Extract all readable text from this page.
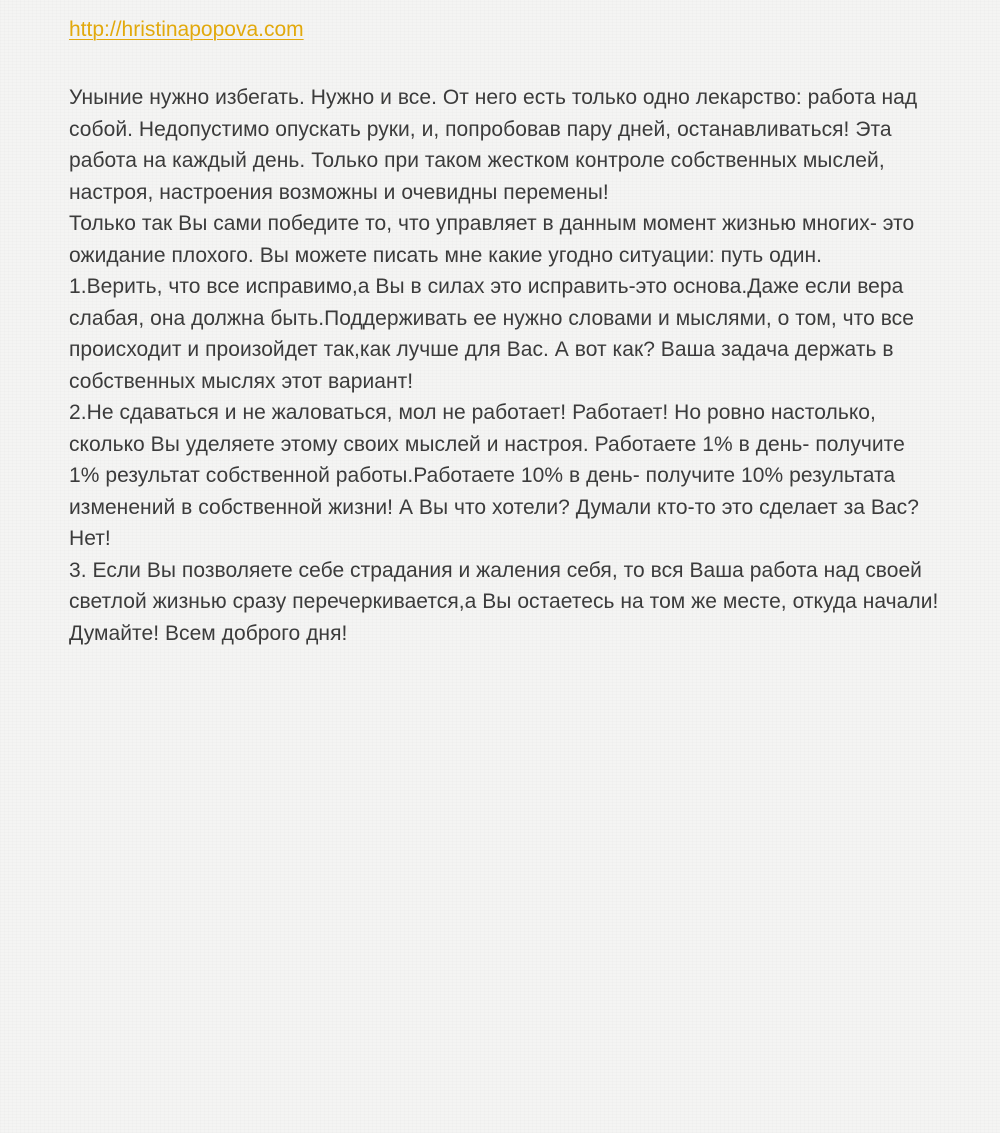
http://hristinapopova.com

Уныние нужно избегать. Нужно и все. От него есть только одно лекарство: работа над собой. Недопустимо опускать руки, и, попробовав пару дней, останавливаться! Эта работа на каждый день. Только при таком жестком контроле собственных мыслей, настроя, настроения возможны и очевидны перемены!

Только так Вы сами победите то, что управляет в данным момент жизнью многих- это ожидание плохого. Вы можете писать мне какие угодно ситуации: путь один.

1.Верить, что все исправимо,а Вы в силах это исправить-это основа.Даже если вера слабая, она должна быть.Поддерживать ее нужно словами и мыслями, о том, что все происходит и произойдет так,как лучше для Вас. А вот как? Ваша задача держать в собственных мыслях этот вариант!

2.Не сдаваться и не жаловаться, мол не работает! Работает! Но ровно настолько, сколько Вы уделяете этому своих мыслей и настроя. Работаете 1% в день- получите 1% результат собственной работы.Работаете 10% в день- получите 10% результата изменений в собственной жизни! А Вы что хотели? Думали кто-то это сделает за Вас? Нет!

3. Если Вы позволяете себе страдания и жаления себя, то вся Ваша работа над своей светлой жизнью сразу перечеркивается,а Вы остаетесь на том же месте, откуда начали! Думайте! Всем доброго дня!
